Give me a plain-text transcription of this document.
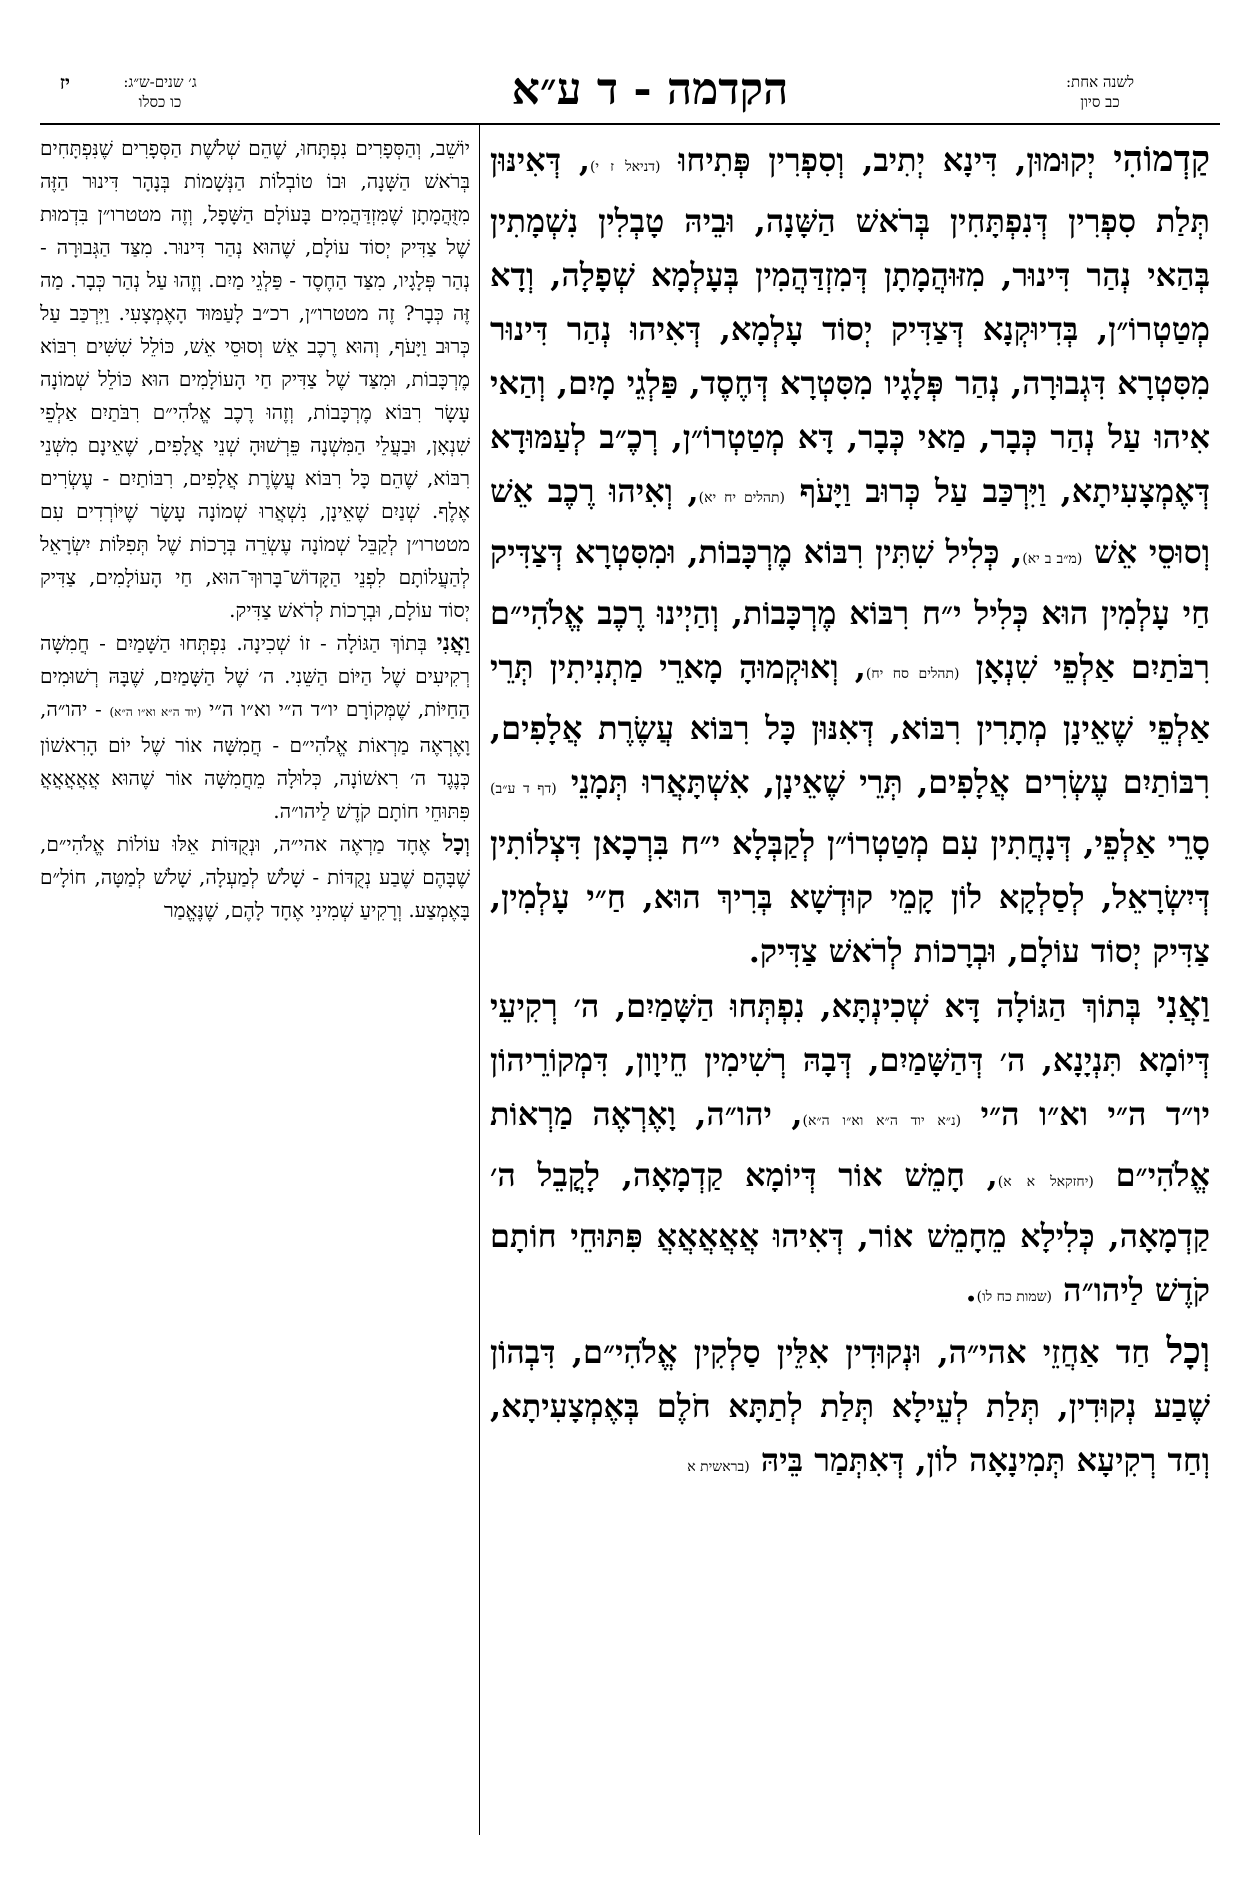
יז	ג׳ שנים-ש״ג:
כו כסלו	הקדמה - ד ע״א	לשנה אחת:
כב סיון

קַדְמוֹהִי יְקוּמוּן, דִּינָא יְתִיב, וְסִפְרִין פְּתִיחוּ (דניאל ז י), דְּאִינּוּן תְּלַת סִפְרִין דְּנִפְתָּחִין בְּרֹאשׁ הַשָּׁנָה, וּבֵיהּ טָבְלִין נִשְׁמָתִין בְּהַאי נְהַר דִּינוּר, מִזּוּהֲמָתָן דְּמִזְדַּהֲמִין בְּעָלְמָא שְׁפָלָה, וְדָא מְטַטְרוֹ״ן, בְּדִיוּקְנָא דְּצַדִּיק יְסוֹד עָלְמָא, דְּאִיהוּ נְהַר דִּינוּר מִסִּטְרָא דִּגְבוּרָה, נְהַר פְּלָגָיו מִסִּטְרָא דְּחֶסֶד, פַּלְגֵי מָיִם, וְהַאי אִיהוּ עַל נְהַר כְּבָר, מַאי כְּבָר, דָּא מְטַטְרוֹ״ן, רְכֶ״ב לְעַמּוּדָא דְּאֶמְצָעִיתָא, וַיִּרְכַּב עַל כְּרוּב וַיָּעֹף (תהלים יח יא), וְאִיהוּ רֶכֶב אֵשׁ וְסוּסֵי אֵשׁ (מ״ב ב יא), כְּלִיל שִׁתִּין רִבּוֹא מֶרְכָּבוֹת, וּמִסִּטְרָא דְּצַדִּיק חַי עָלְמִין הוּא כְּלִיל י״ח רִבּוֹא מֶרְכָּבוֹת, וְהַיְינוּ רֶכֶב אֱלֹהִי״ם רִבֹּתַיִם אַלְפֵי שִׁנְאָן (תהלים סח יח), וְאוּקְמוּהָ מָארֵי מַתְנִיתִין תְּרֵי אַלְפֵי שֶׁאֵינָן מְתָרִין רִבּוֹא, דְּאִנּוּן כָּל רִבּוֹא עֲשֶׂרֶת אֲלָפִים, רִבּוֹתַיִם עֶשְׂרִים אֲלָפִים, תְּרֵי שֶׁאֵינָן, אִשְׁתָּאֲרוּ תְּמָנֵי (דף ד ע״ב) סָרֵי אַלְפֵי, דְּנָחֲתִין עִם מְטַטְרוֹ״ן לְקַבְּלָא י״ח בִּרְכָאן דִּצְלוֹתִין דְּיִשְׂרָאֵל, לְסַלְקָא לוֹן קָמֵי קוּדְשָׁא בְּרִיךְ הוּא, חַ״י עָלְמִין, צַדִּיק יְסוֹד עוֹלָם, וּבְרָכוֹת לְרֹאשׁ צַדִּיק.

וַאֲנִי בְּתוֹךְ הַגּוֹלָה דָּא שְׁכִינְתָּא, נִפְתְּחוּ הַשָּׁמַיִם, ה׳ רְקִיעֵי דְּיוֹמָא תִּנְיָנָא, ה׳ דְּהַשָּׁמַיִם, דְּבָהּ רְשִׁימִין חֵיוָון, דִּמְקוֹרֵיהוֹן יו״ד ה״י וא״ו ה״י (נ״א יוד ה״א וא״ו ה״א), יהו״ה, וָאֶרְאֶה מַרְאוֹת אֱלֹהִי״ם (יחזקאל א א), חָמֵשׁ אוֹר דְּיוֹמָא קַדְמָאָה, לָקֳבֵל ה׳ קַדְמָאָה, כְּלִילָא מֵחָמֵשׁ אוֹר, דְּאִיהוּ אֲאֲאֲאֲאֲ פִּתּוּחֵי חוֹתָם קֹדֶשׁ לַיהו״ה (שמות כח לו).

וְכָל חַד אַחֲזֵי אהי״ה, וּנְקוּדִין אִלֵּין סַלְקִין אֱלֹהִי״ם, דִּבְהוֹן שֶׁבַע נְקוּדִין, תְּלַת לְעֵילָא תְּלַת לְתַתָּא חֹלֶם בְּאֶמְצָעִיתָא, וְחַד רְקִיעָא תְּמִינָאָה לוֹן, דְּאִתְּמַר בֵּיהּ (בראשית א

יוֹשֵׁב, וְהַסְּפָרִים נִפְתָּחוּ, שֶׁהֵם שְׁלֹשֶׁת הַסְּפָרִים שֶׁנִּפְתָּחִים בְּרֹאשׁ הַשָּׁנָה, וּבוֹ טוֹבְלוֹת הַנְּשָׁמוֹת בְּנָהָר דִּינוּר הַזֶּה מִזֻּהֲמָתָן שֶׁמִּזְדַּהֲמִים בָּעוֹלָם הַשָּׁפָל, וְזֶה מטטרו״ן בִּדְמוּת שֶׁל צַדִּיק יְסוֹד עוֹלָם, שֶׁהוּא נְהַר דִּינוּר. מִצַּד הַגְּבוּרָה - נְהַר פְּלָגָיו, מִצַּד הַחֶסֶד - פַּלְגֵי מַיִם. וְזֶהוּ עַל נְהַר כְּבָר. מַה זֶּה כְּבָר? זֶה מטטרו״ן, רכ״ב לָעַמּוּד הָאֶמְצָעִי. וַיִּרְכַּב עַל כְּרוּב וַיָּעֹף, וְהוּא רֶכֶב אֵשׁ וְסוּסֵי אֵשׁ, כּוֹלֵל שִׁשִּׁים רִבּוֹא מֶרְכָּבוֹת, וּמִצַּד שֶׁל צַדִּיק חַי הָעוֹלָמִים הוּא כּוֹלֵל שְׁמוֹנָה עָשָׂר רִבּוֹא מֶרְכָּבוֹת, וְזֶהוּ רֶכֶב אֱלֹהִי״ם רִבֹּתַיִם אַלְפֵי שִׁנְאָן, וּבַעֲלֵי הַמִּשְׁנָה פֵּרְשׁוּהָ שְׁנֵי אֲלָפִים, שֶׁאֵינָם מִשְּׁנֵי רִבּוֹא, שֶׁהֵם כָּל רִבּוֹא עֲשֶׂרֶת אֲלָפִים, רִבּוֹתַיִם - עֶשְׂרִים אֶלֶף. שְׁנַיִם שֶׁאֵינָן, נִשְׁאֲרוּ שְׁמוֹנָה עָשָׂר שֶׁיּוֹרְדִים עִם מטטרו״ן לְקַבֵּל שְׁמוֹנָה עֶשְׂרֵה בְּרָכוֹת שֶׁל תְּפִלּוֹת יִשְׂרָאֵל לְהַעֲלוֹתָם לִפְנֵי הַקָּדוֹשׁ־בָּרוּךְ־הוּא, חַי הָעוֹלָמִים, צַדִּיק יְסוֹד עוֹלָם, וּבְרָכוֹת לְרֹאשׁ צַדִּיק.

וַאֲנִי בְּתוֹךְ הַגּוֹלָה - זוֹ שְׁכִינָה. נִפְתְּחוּ הַשָּׁמַיִם - חֲמִשָּׁה רְקִיעִים שֶׁל הַיּוֹם הַשֵּׁנִי. ה׳ שֶׁל הַשָּׁמַיִם, שֶׁבָּהּ רְשׁוּמִים הַחַיּוֹת, שֶׁמְּקוֹרָם יו״ד ה״י וא״ו ה״י (יוד ה״א וא״ו ה״א) - יהו״ה, וָאֶרְאֶה מַרְאוֹת אֱלֹהִי״ם - חֲמִשָּׁה אוֹר שֶׁל יוֹם הָרִאשׁוֹן כְּנֶגֶד ה׳ רִאשׁוֹנָה, כְּלוּלָה מֵחֲמִשָּׁה אוֹר שֶׁהוּא אֲאֲאֲאֲאֲ פִּתּוּחֵי חוֹתָם קֹדֶשׁ לַיהו״ה.

וְכָל אֶחָד מַרְאֶה אהי״ה, וּנְקֻדּוֹת אֵלּוּ עוֹלוֹת אֱלֹהִי״ם, שֶׁבָּהֶם שֶׁבַע נְקֻדּוֹת - שָׁלֹשׁ לְמַעְלָה, שָׁלֹשׁ לְמַטָּה, חוֹלָ״ם בָּאֶמְצַע. וְרָקִיעַ שְׁמִינִי אֶחָד לָהֶם, שֶׁנֶּאֱמַר
